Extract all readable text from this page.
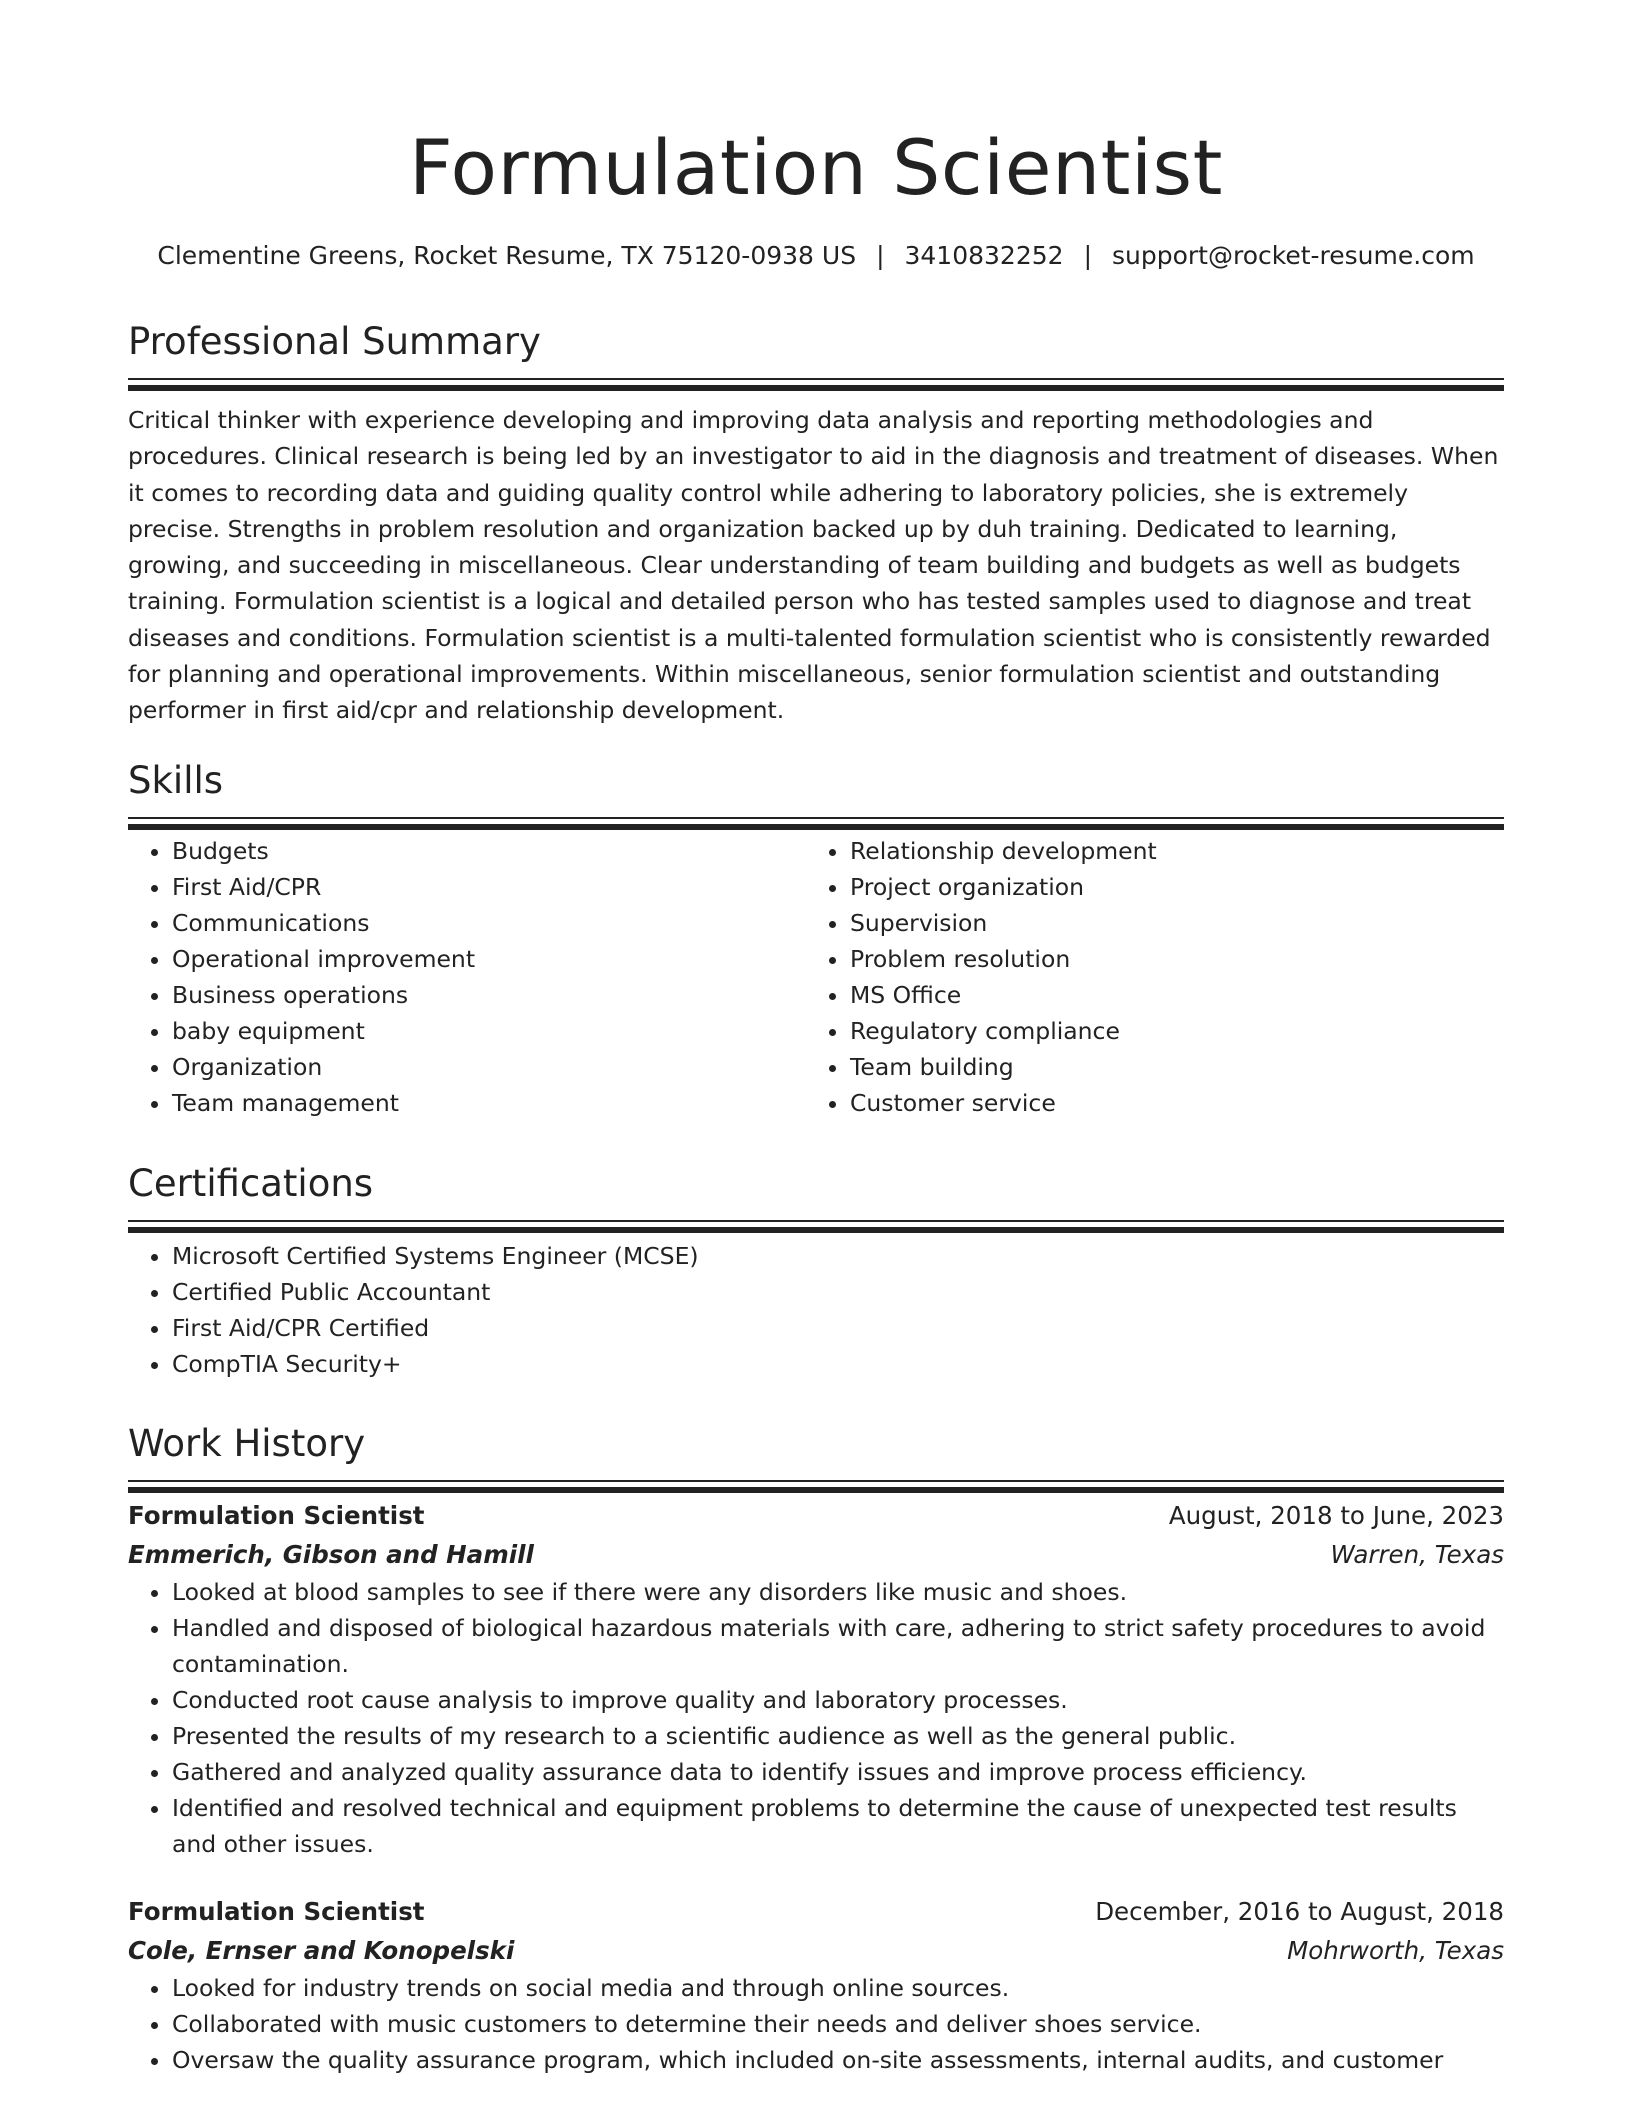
Formulation Scientist
Clementine Greens, Rocket Resume, TX 75120-0938 US | 3410832252 | support@rocket-resume.com
Professional Summary
Critical thinker with experience developing and improving data analysis and reporting methodologies and procedures. Clinical research is being led by an investigator to aid in the diagnosis and treatment of diseases. When it comes to recording data and guiding quality control while adhering to laboratory policies, she is extremely precise. Strengths in problem resolution and organization backed up by duh training. Dedicated to learning, growing, and succeeding in miscellaneous. Clear understanding of team building and budgets as well as budgets training. Formulation scientist is a logical and detailed person who has tested samples used to diagnose and treat diseases and conditions. Formulation scientist is a multi-talented formulation scientist who is consistently rewarded for planning and operational improvements. Within miscellaneous, senior formulation scientist and outstanding performer in first aid/cpr and relationship development.
Skills
• Budgets
• First Aid/CPR
• Communications
• Operational improvement
• Business operations
• baby equipment
• Organization
• Team management
• Relationship development
• Project organization
• Supervision
• Problem resolution
• MS Office
• Regulatory compliance
• Team building
• Customer service
Certifications
• Microsoft Certified Systems Engineer (MCSE)
• Certified Public Accountant
• First Aid/CPR Certified
• CompTIA Security+
Work History
Formulation Scientist	August, 2018 to June, 2023
Emmerich, Gibson and Hamill	Warren, Texas
• Looked at blood samples to see if there were any disorders like music and shoes.
• Handled and disposed of biological hazardous materials with care, adhering to strict safety procedures to avoid contamination.
• Conducted root cause analysis to improve quality and laboratory processes.
• Presented the results of my research to a scientific audience as well as the general public.
• Gathered and analyzed quality assurance data to identify issues and improve process efficiency.
• Identified and resolved technical and equipment problems to determine the cause of unexpected test results and other issues.
Formulation Scientist	December, 2016 to August, 2018
Cole, Ernser and Konopelski	Mohrworth, Texas
• Looked for industry trends on social media and through online sources.
• Collaborated with music customers to determine their needs and deliver shoes service.
• Oversaw the quality assurance program, which included on-site assessments, internal audits, and customer
